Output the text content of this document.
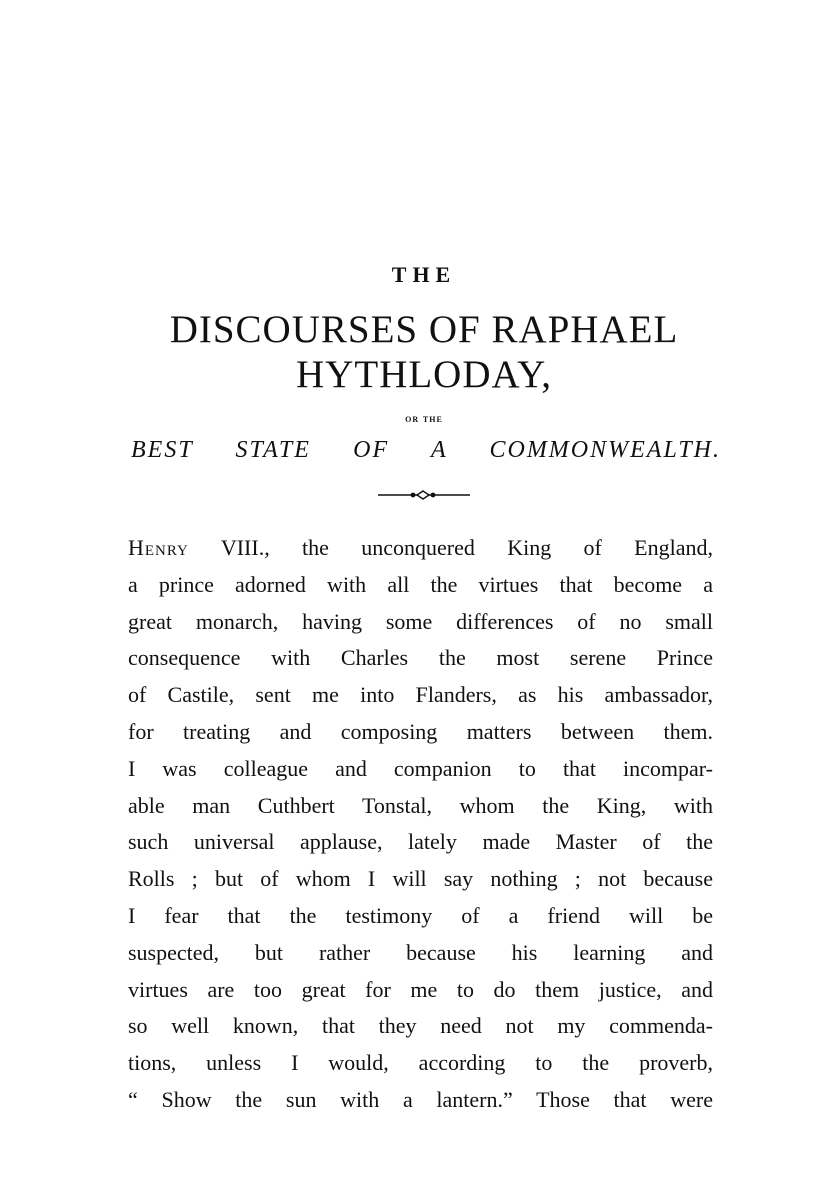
THE
DISCOURSES OF RAPHAEL
HYTHLODAY,
or the
BEST STATE OF A COMMONWEALTH.
Henry VIII., the unconquered King of England,
a prince adorned with all the virtues that become a
great monarch, having some differences of no small
consequence with Charles the most serene Prince
of Castile, sent me into Flanders, as his ambassador,
for treating and composing matters between them.
I was colleague and companion to that incompar-
able man Cuthbert Tonstal, whom the King, with
such universal applause, lately made Master of the
Rolls ; but of whom I will say nothing ; not because
I fear that the testimony of a friend will be
suspected, but rather because his learning and
virtues are too great for me to do them justice, and
so well known, that they need not my commenda-
tions, unless I would, according to the proverb,
“ Show the sun with a lantern.” Those that were
